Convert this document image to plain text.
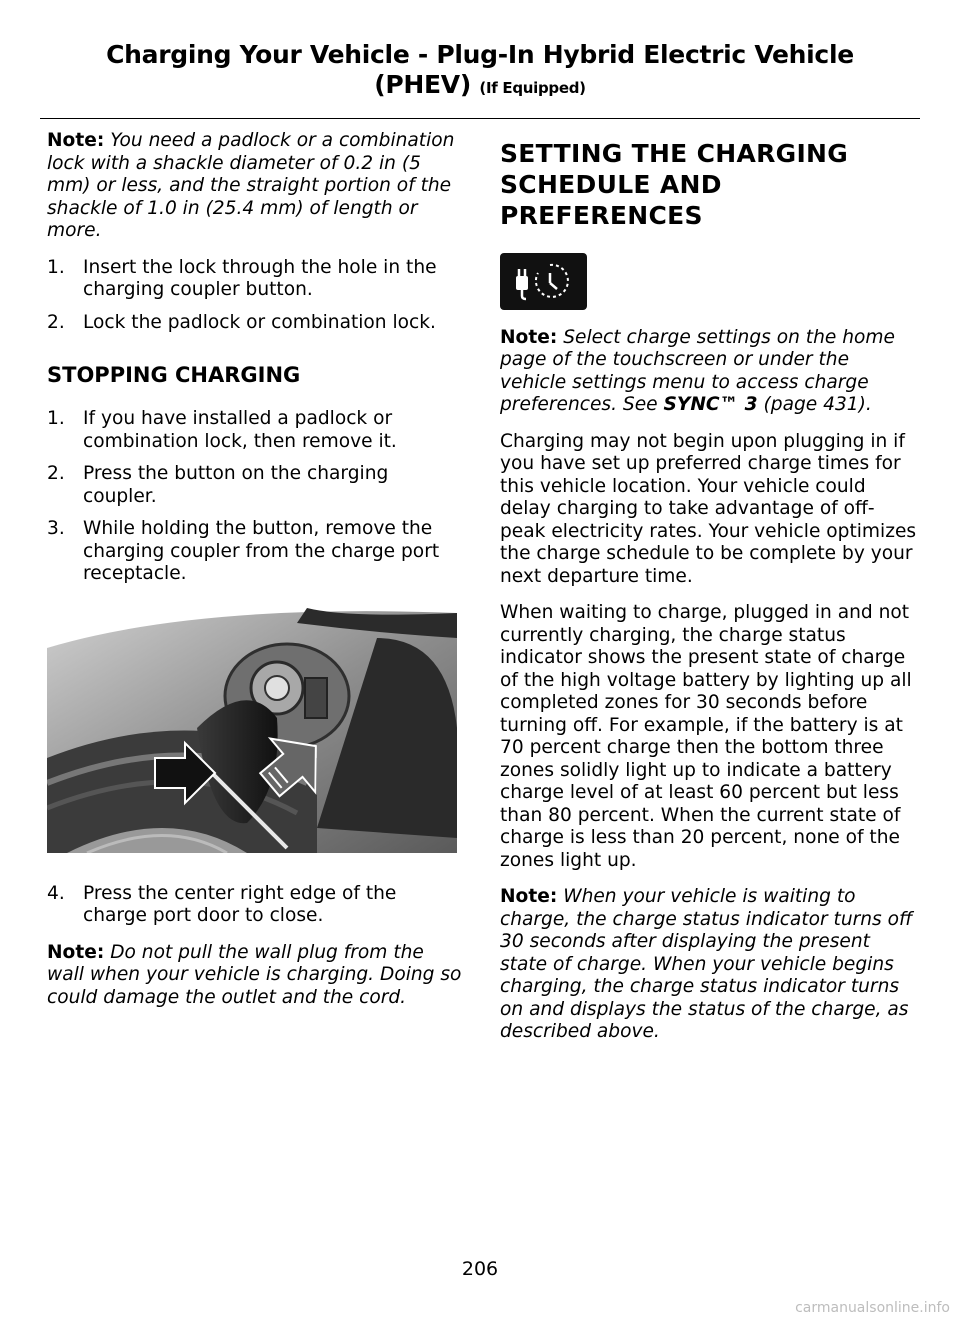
Charging Your Vehicle - Plug-In Hybrid Electric Vehicle
(PHEV) (If Equipped)

Note: You need a padlock or a combination lock with a shackle diameter of 0.2 in (5 mm) or less, and the straight portion of the shackle of 1.0 in (25.4 mm) of length or more.

1. Insert the lock through the hole in the charging coupler button.
2. Lock the padlock or combination lock.
STOPPING CHARGING
1. If you have installed a padlock or combination lock, then remove it.
2. Press the button on the charging coupler.
3. While holding the button, remove the charging coupler from the charge port receptacle.
4. Press the center right edge of the charge port door to close.

Note: Do not pull the wall plug from the wall when your vehicle is charging. Doing so could damage the outlet and the cord.

SETTING THE CHARGING SCHEDULE AND PREFERENCES

Note: Select charge settings on the home page of the touchscreen or under the vehicle settings menu to access charge preferences. See SYNC™ 3 (page 431).

Charging may not begin upon plugging in if you have set up preferred charge times for this vehicle location. Your vehicle could delay charging to take advantage of off-peak electricity rates. Your vehicle optimizes the charge schedule to be complete by your next departure time.

When waiting to charge, plugged in and not currently charging, the charge status indicator shows the present state of charge of the high voltage battery by lighting up all completed zones for 30 seconds before turning off. For example, if the battery is at 70 percent charge then the bottom three zones solidly light up to indicate a battery charge level of at least 60 percent but less than 80 percent. When the current state of charge is less than 20 percent, none of the zones light up.

Note: When your vehicle is waiting to charge, the charge status indicator turns off 30 seconds after displaying the present state of charge. When your vehicle begins charging, the charge status indicator turns on and displays the status of the charge, as described above.

206
carmanualsonline.info
